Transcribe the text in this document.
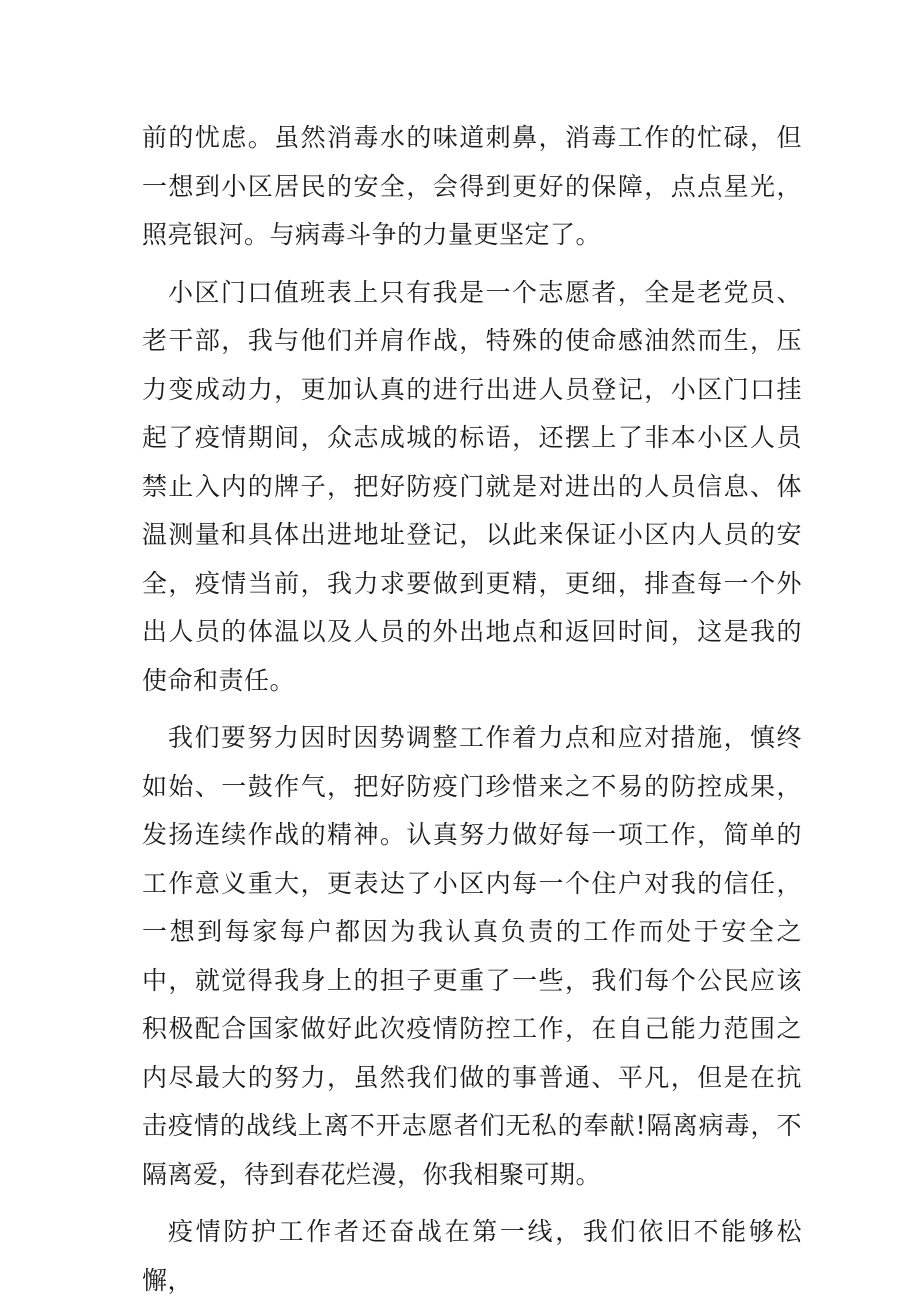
前的忧虑。虽然消毒水的味道刺鼻，消毒工作的忙碌，但一想到小区居民的安全，会得到更好的保障，点点星光，照亮银河。与病毒斗争的力量更坚定了。

小区门口值班表上只有我是一个志愿者，全是老党员、老干部，我与他们并肩作战，特殊的使命感油然而生，压力变成动力，更加认真的进行出进人员登记，小区门口挂起了疫情期间，众志成城的标语，还摆上了非本小区人员禁止入内的牌子，把好防疫门就是对进出的人员信息、体温测量和具体出进地址登记，以此来保证小区内人员的安全，疫情当前，我力求要做到更精，更细，排查每一个外出人员的体温以及人员的外出地点和返回时间，这是我的使命和责任。

我们要努力因时因势调整工作着力点和应对措施，慎终如始、一鼓作气，把好防疫门珍惜来之不易的防控成果，发扬连续作战的精神。认真努力做好每一项工作，简单的工作意义重大，更表达了小区内每一个住户对我的信任，一想到每家每户都因为我认真负责的工作而处于安全之中，就觉得我身上的担子更重了一些，我们每个公民应该积极配合国家做好此次疫情防控工作，在自己能力范围之内尽最大的努力，虽然我们做的事普通、平凡，但是在抗击疫情的战线上离不开志愿者们无私的奉献!隔离病毒，不隔离爱，待到春花烂漫，你我相聚可期。

疫情防护工作者还奋战在第一线，我们依旧不能够松懈，
